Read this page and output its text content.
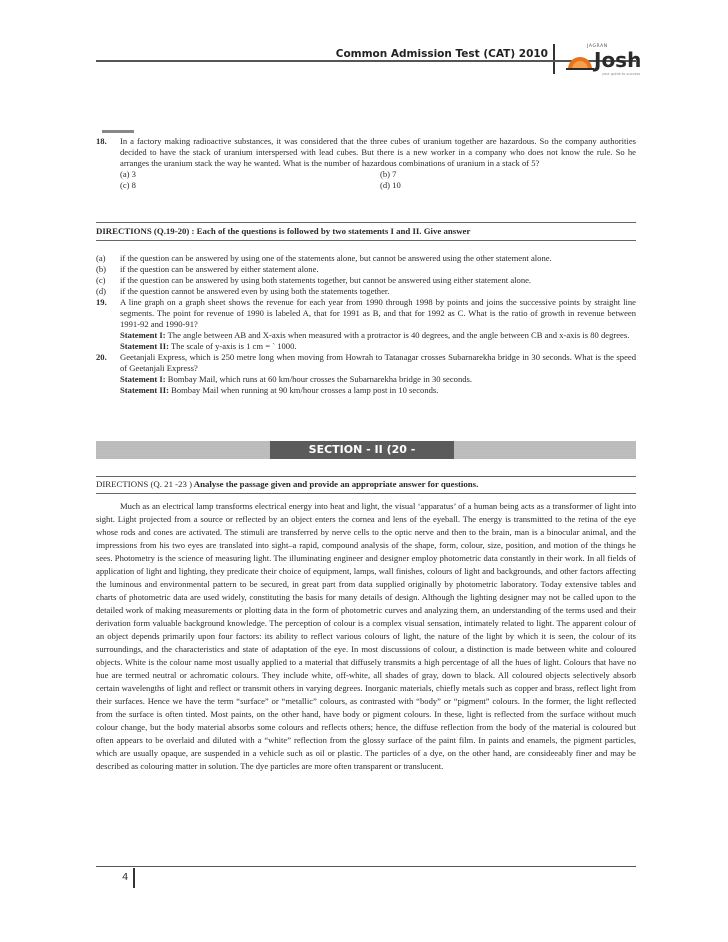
Common Admission Test (CAT) 2010
JAGRAN
Josh
your guide to success
18. In a factory making radioactive substances, it was considered that the three cubes of uranium together are hazardous. So the company authorities decided to have the stack of uranium interspersed with lead cubes. But there is a new worker in a company who does not know the rule. So he arranges the uranium stack the way he wanted. What is the number of hazardous combinations of uranium in a stack of 5?
(a) 3	(b) 7
(c) 8	(d) 10
DIRECTIONS (Q.19-20) : Each of the questions is followed by two statements I and II. Give answer
(a) if the question can be answered by using one of the statements alone, but cannot be answered using the other statement alone.
(b) if the question can be answered by either statement alone.
(c) if the question can be answered by using both statements together, but cannot be answered using either statement alone.
(d) if the question cannot be answered even by using both the statements together.
19. A line graph on a graph sheet shows the revenue for each year from 1990 through 1998 by points and joins the successive points by straight line segments. The point for revenue of 1990 is labeled A, that for 1991 as B, and that for 1992 as C. What is the ratio of growth in revenue between 1991-92 and 1990-91?
Statement I: The angle between AB and X-axis when measured with a protractor is 40 degrees, and the angle between CB and x-axis is 80 degrees.
Statement II: The scale of y-axis is 1 cm = ` 1000.
20. Geetanjali Express, which is 250 metre long when moving from Howrah to Tatanagar crosses Subarnarekha bridge in 30 seconds. What is the speed of Geetanjali Express?
Statement I: Bombay Mail, which runs at 60 km/hour crosses the Subarnarekha bridge in 30 seconds.
Statement II: Bombay Mail when running at 90 km/hour crosses a lamp post in 10 seconds.
SECTION - II (20 - QUESTIONS)
DIRECTIONS (Q. 21 -23 ) Analyse the passage given and provide an appropriate answer for questions.
Much as an electrical lamp transforms electrical energy into heat and light, the visual ‘apparatus’ of a human being acts as a transformer of light into sight. Light projected from a source or reflected by an object enters the cornea and lens of the eyeball. The energy is transmitted to the retina of the eye whose rods and cones are activated. The stimuli are transferred by nerve cells to the optic nerve and then to the brain, man is a binocular animal, and the impressions from his two eyes are translated into sight–a rapid, compound analysis of the shape, form, colour, size, position, and motion of the things he sees. Photometry is the science of measuring light. The illuminating engineer and designer employ photometric data constantly in their work. In all fields of application of light and lighting, they predicate their choice of equipment, lamps, wall finishes, colours of light and backgrounds, and other factors affecting the luminous and environmental pattern to be secured, in great part from data supplied originally by photometric laboratory. Today extensive tables and charts of photometric data are used widely, constituting the basis for many details of design. Although the lighting designer may not be called upon to the detailed work of making measurements or plotting data in the form of photometric curves and analyzing them, an understanding of the terms used and their derivation form valuable background knowledge. The perception of colour is a complex visual sensation, intimately related to light. The apparent colour of an object depends primarily upon four factors: its ability to reflect various colours of light, the nature of the light by which it is seen, the colour of its surroundings, and the characteristics and state of adaptation of the eye. In most discussions of colour, a distinction is made between white and coloured objects. White is the colour name most usually applied to a material that diffusely transmits a high percentage of all the hues of light. Colours that have no hue are termed neutral or achromatic colours. They include white, off-white, all shades of gray, down to black. All coloured objects selectively absorb certain wavelengths of light and reflect or transmit others in varying degrees. Inorganic materials, chiefly metals such as copper and brass, reflect light from their surfaces. Hence we have the term “surface” or “metallic” colours, as contrasted with “body” or “pigment” colours. In the former, the light reflected from the surface is often tinted. Most paints, on the other hand, have body or pigment colours. In these, light is reflected from the surface without much colour change, but the body material absorbs some colours and reflects others; hence, the diffuse reflection from the body of the material is coloured but often appears to be overlaid and diluted with a “white” reflection from the glossy surface of the paint film. In paints and enamels, the pigment particles, which are usually opaque, are suspended in a vehicle such as oil or plastic. The particles of a dye, on the other hand, are consideeably finer and may be described as colouring matter in solution. The dye particles are more often transparent or translucent.
4
